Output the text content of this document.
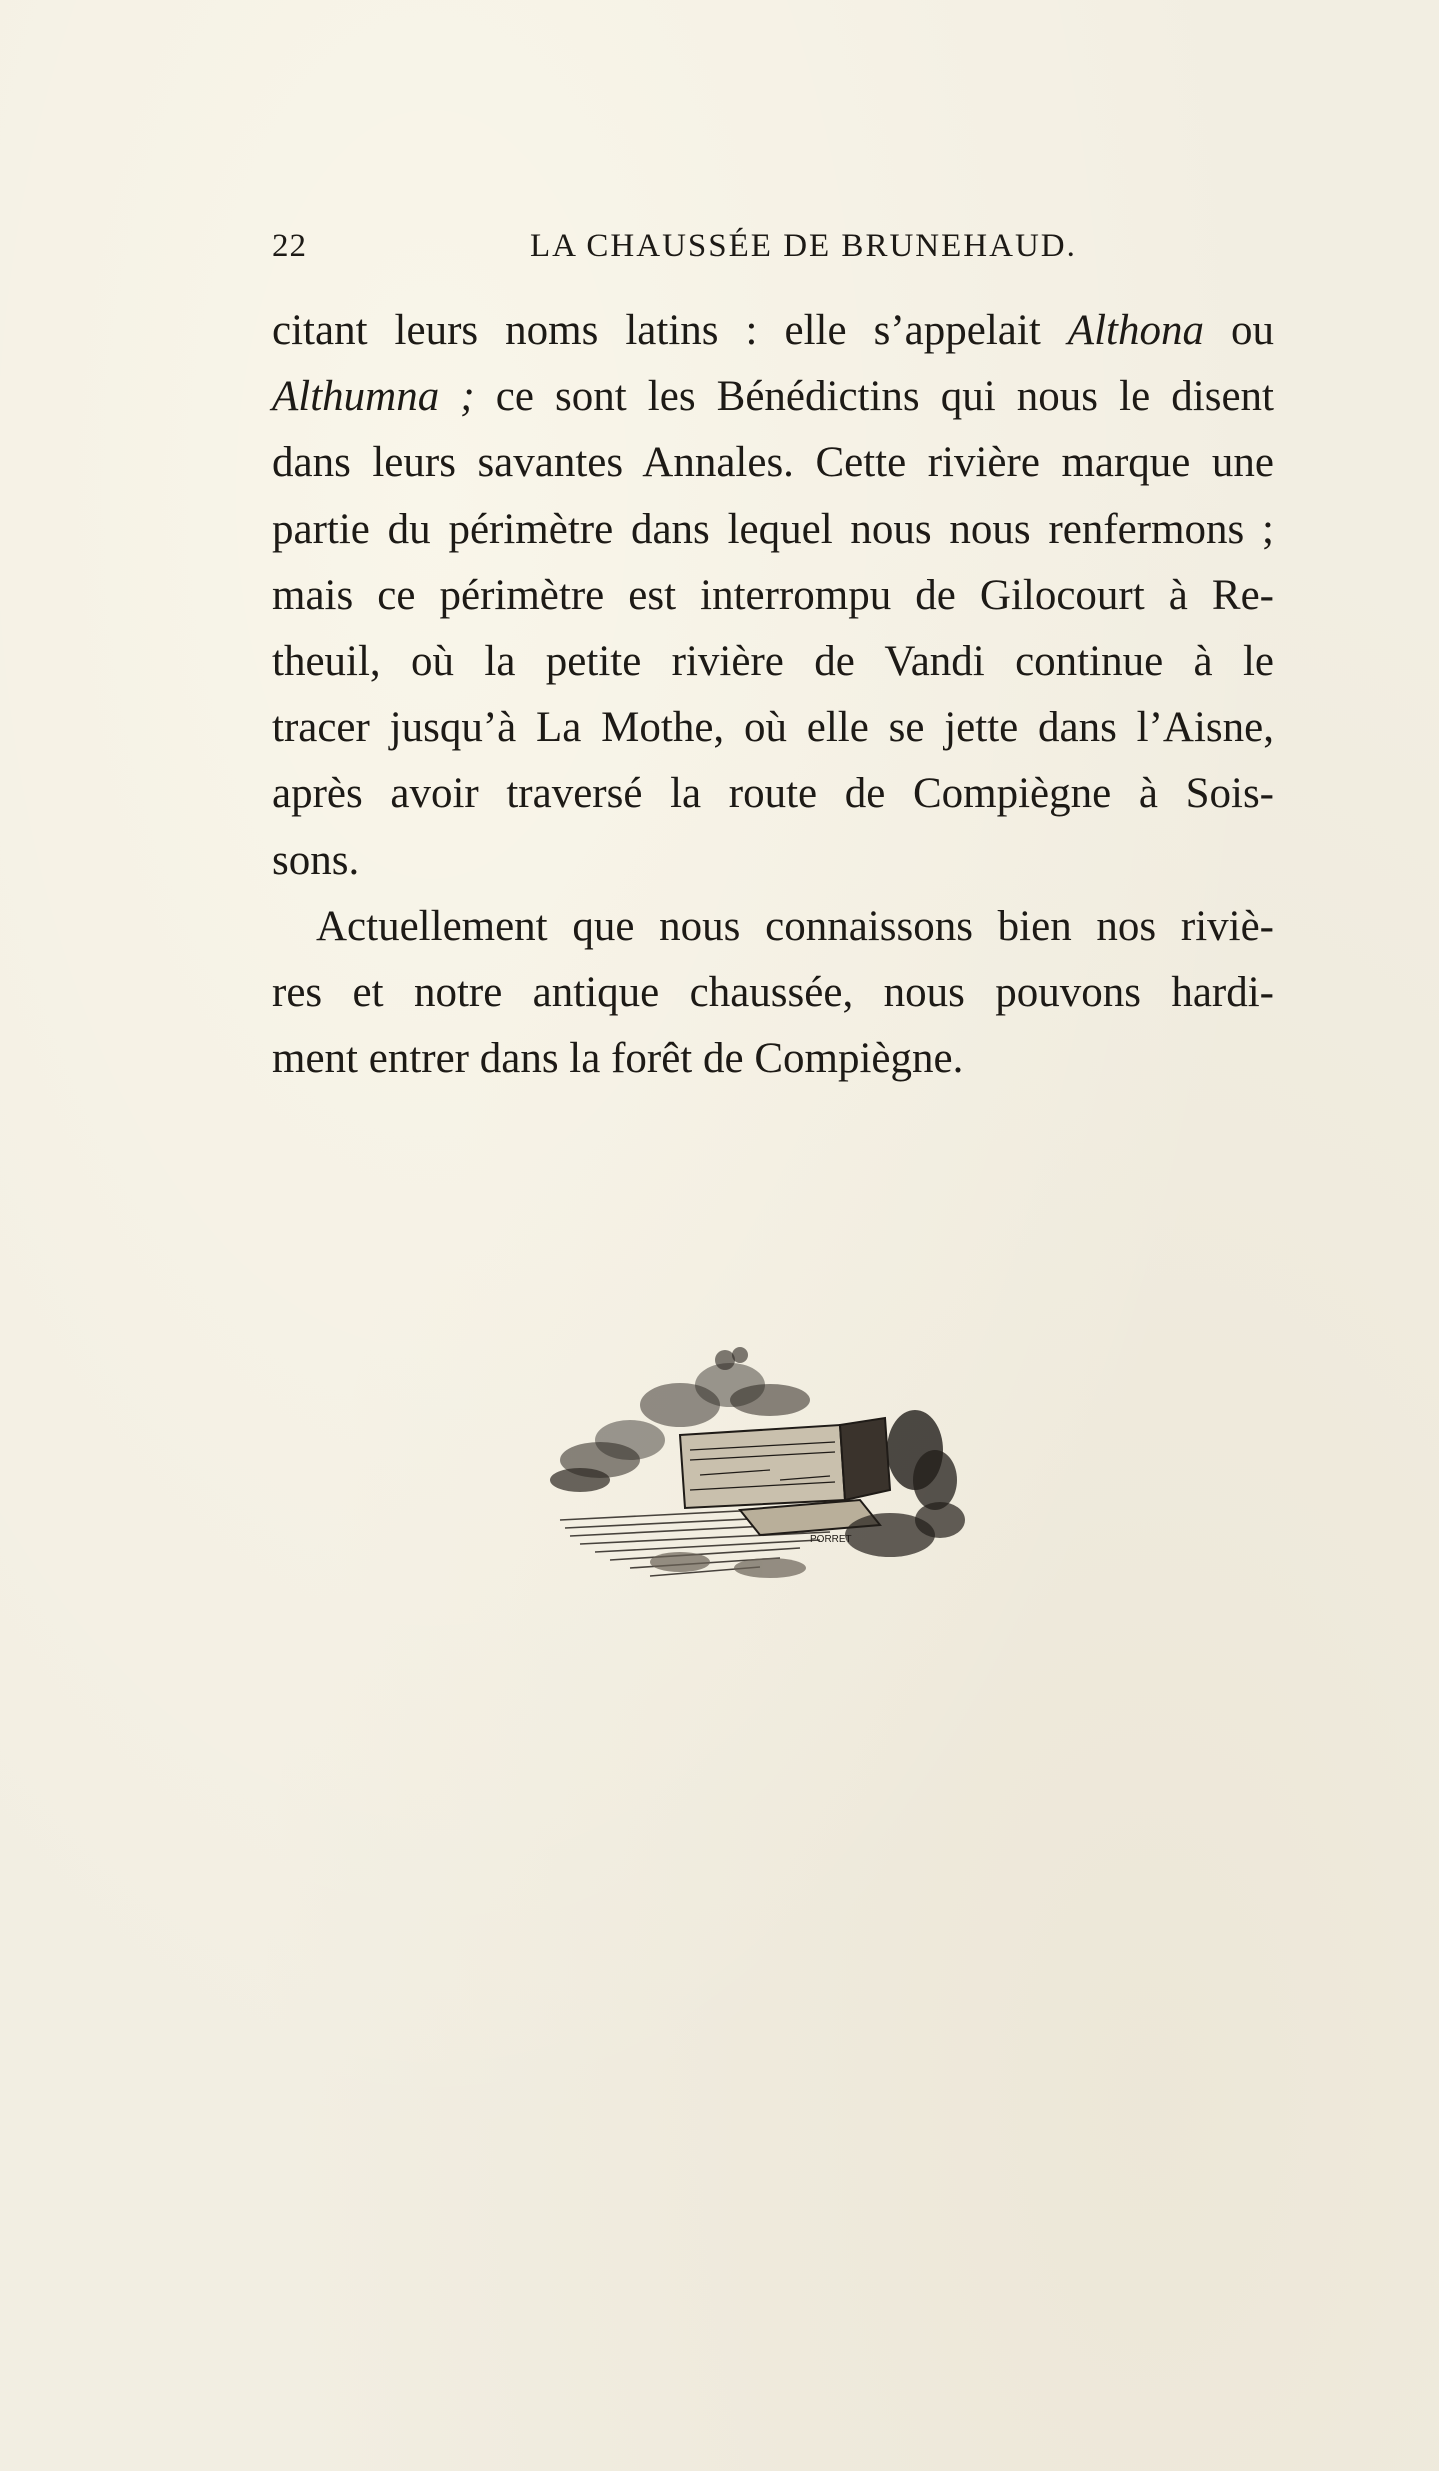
22	LA CHAUSSÉE DE BRUNEHAUD.
citant leurs noms latins : elle s’appelait Althona ou
Althumna ; ce sont les Bénédictins qui nous le disent
dans leurs savantes Annales. Cette rivière marque une
partie du périmètre dans lequel nous nous renfermons ;
mais ce périmètre est interrompu de Gilocourt à Re-
theuil, où la petite rivière de Vandi continue à le
tracer jusqu’à La Mothe, où elle se jette dans l’Aisne,
après avoir traversé la route de Compiègne à Sois-
sons.
Actuellement que nous connaissons bien nos riviè-
res et notre antique chaussée, nous pouvons hardi-
ment entrer dans la forêt de Compiègne.
PORRET
